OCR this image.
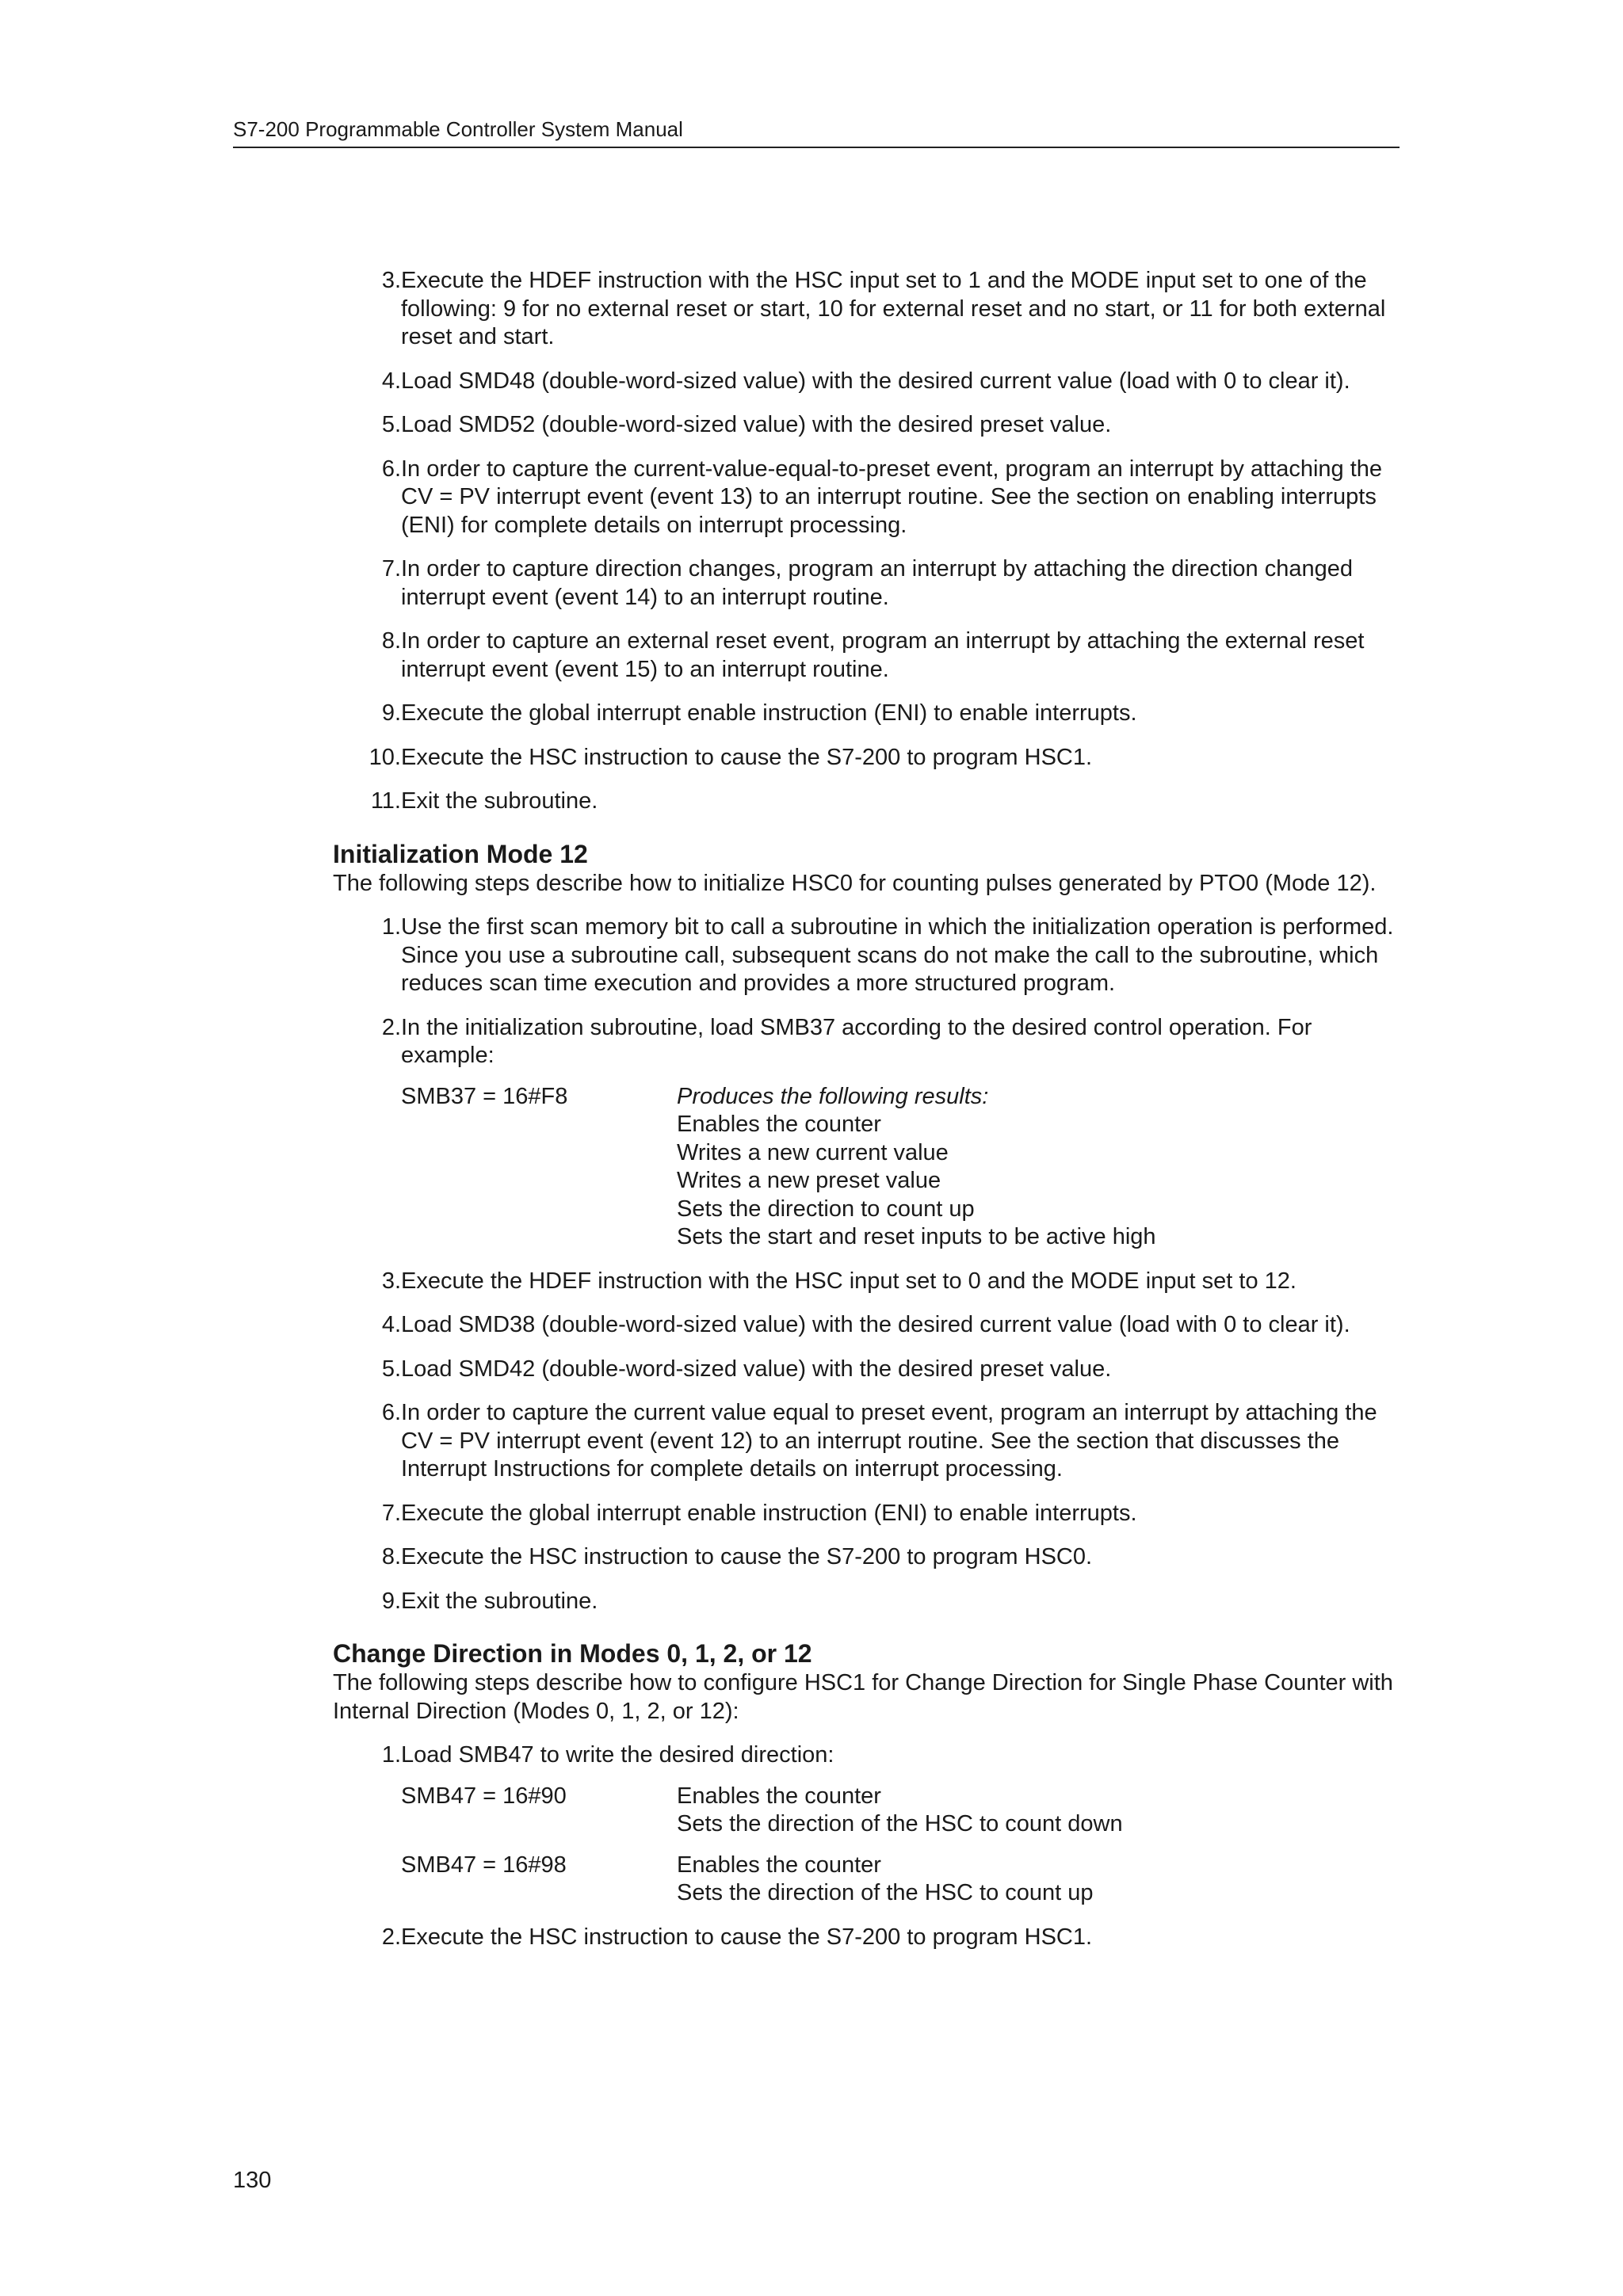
S7-200 Programmable Controller System Manual
3. Execute the HDEF instruction with the HSC input set to 1 and the MODE input set to one of the following: 9 for no external reset or start, 10 for external reset and no start, or 11 for both external reset and start.
4. Load SMD48 (double-word-sized value) with the desired current value (load with 0 to clear it).
5. Load SMD52 (double-word-sized value) with the desired preset value.
6. In order to capture the current-value-equal-to-preset event, program an interrupt by attaching the CV = PV interrupt event (event 13) to an interrupt routine. See the section on enabling interrupts (ENI) for complete details on interrupt processing.
7. In order to capture direction changes, program an interrupt by attaching the direction changed interrupt event (event 14) to an interrupt routine.
8. In order to capture an external reset event, program an interrupt by attaching the external reset interrupt event (event 15) to an interrupt routine.
9. Execute the global interrupt enable instruction (ENI) to enable interrupts.
10. Execute the HSC instruction to cause the S7-200 to program HSC1.
11. Exit the subroutine.
Initialization Mode 12
The following steps describe how to initialize HSC0 for counting pulses generated by PTO0 (Mode 12).
1. Use the first scan memory bit to call a subroutine in which the initialization operation is performed. Since you use a subroutine call, subsequent scans do not make the call to the subroutine, which reduces scan time execution and provides a more structured program.
2. In the initialization subroutine, load SMB37 according to the desired control operation. For example:
SMB37 = 16#F8	Produces the following results:
Enables the counter
Writes a new current value
Writes a new preset value
Sets the direction to count up
Sets the start and reset inputs to be active high
3. Execute the HDEF instruction with the HSC input set to 0 and the MODE input set to 12.
4. Load SMD38 (double-word-sized value) with the desired current value (load with 0 to clear it).
5. Load SMD42 (double-word-sized value) with the desired preset value.
6. In order to capture the current value equal to preset event, program an interrupt by attaching the CV = PV interrupt event (event 12) to an interrupt routine. See the section that discusses the Interrupt Instructions for complete details on interrupt processing.
7. Execute the global interrupt enable instruction (ENI) to enable interrupts.
8. Execute the HSC instruction to cause the S7-200 to program HSC0.
9. Exit the subroutine.
Change Direction in Modes 0, 1, 2, or 12
The following steps describe how to configure HSC1 for Change Direction for Single Phase Counter with Internal Direction (Modes 0, 1, 2, or 12):
1. Load SMB47 to write the desired direction:
SMB47 = 16#90	Enables the counter
Sets the direction of the HSC to count down
SMB47 = 16#98	Enables the counter
Sets the direction of the HSC to count up
2. Execute the HSC instruction to cause the S7-200 to program HSC1.
130
